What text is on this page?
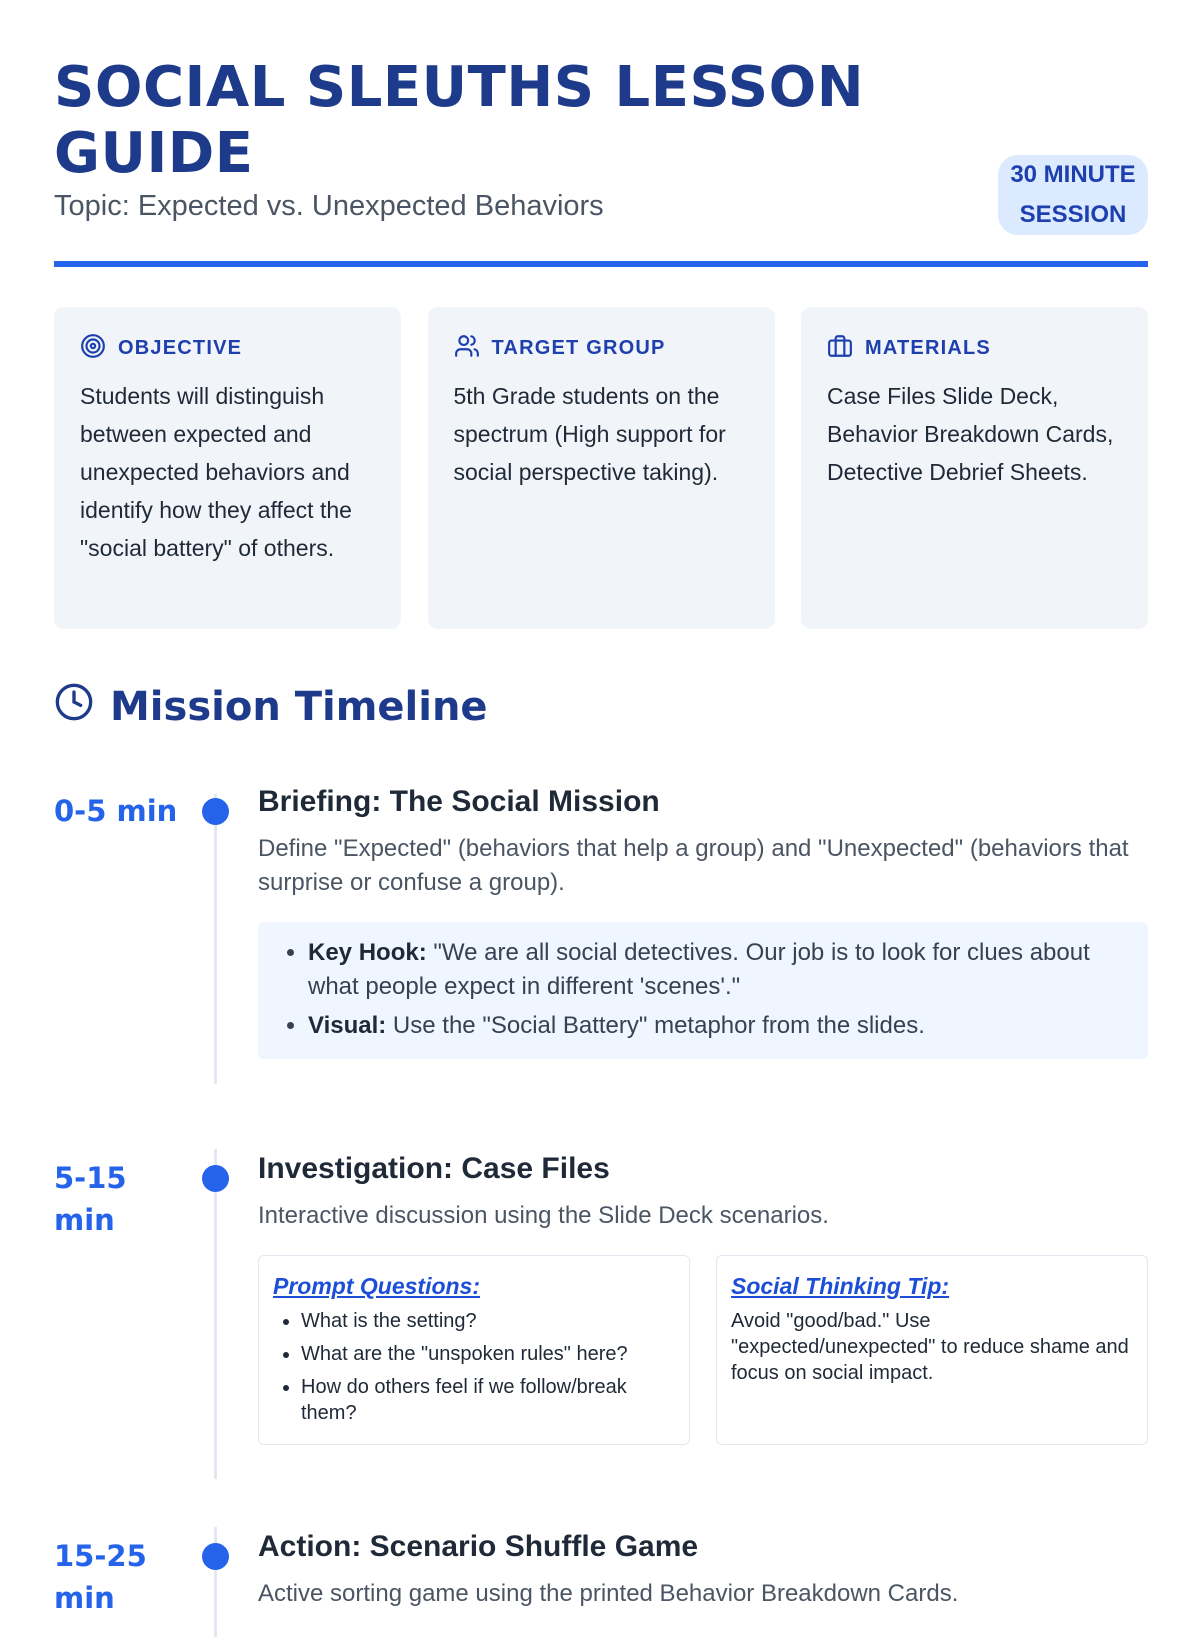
SOCIAL SLEUTHS LESSON GUIDE
Topic: Expected vs. Unexpected Behaviors
30 MINUTE SESSION
OBJECTIVE
Students will distinguish between expected and unexpected behaviors and identify how they affect the "social battery" of others.
TARGET GROUP
5th Grade students on the spectrum (High support for social perspective taking).
MATERIALS
Case Files Slide Deck, Behavior Breakdown Cards, Detective Debrief Sheets.
Mission Timeline
0-5 min	Briefing: The Social Mission

Define "Expected" (behaviors that help a group) and "Unexpected" (behaviors that surprise or confuse a group).

• Key Hook: "We are all social detectives. Our job is to look for clues about what people expect in different 'scenes'."
• Visual: Use the "Social Battery" metaphor from the slides.
5-15 min
Investigation: Case Files

Interactive discussion using the Slide Deck scenarios.

Prompt Questions:
• What is the setting?
• What are the "unspoken rules" here?
• How do others feel if we follow/break them?
Social Thinking Tip:

Avoid "good/bad." Use "expected/unexpected" to reduce shame and focus on social impact.

15-25 min
Action: Scenario Shuffle Game

Active sorting game using the printed Behavior Breakdown Cards.
